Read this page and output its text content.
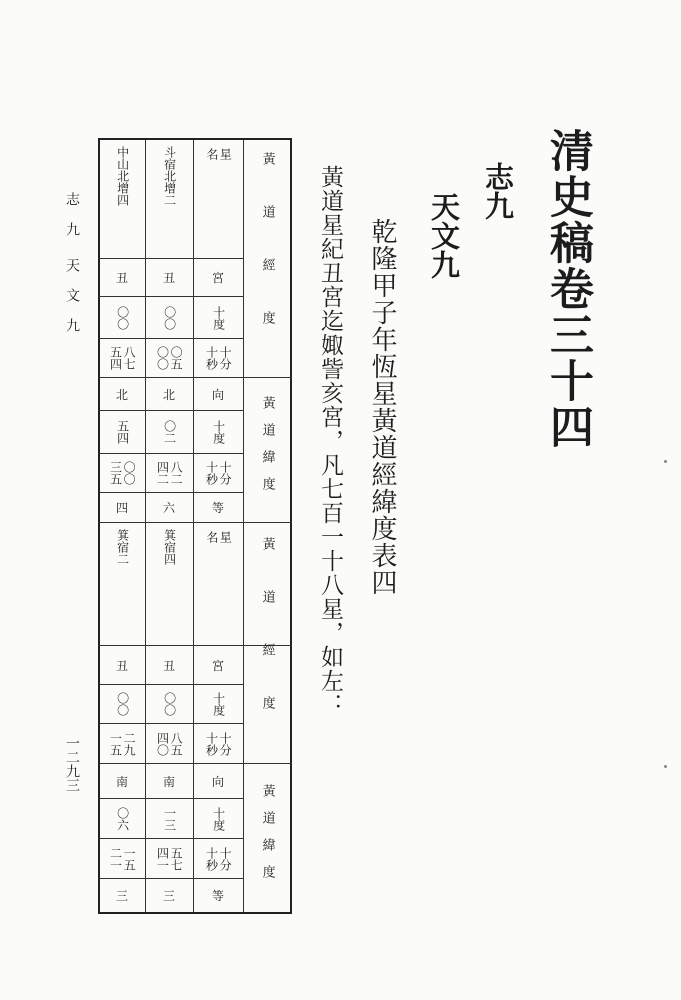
清史稿卷三十四
志九
天文九
乾隆甲子年恆星黃道經緯度表四
黃道星紀丑宮迄娵訾亥宮，凡七百一十八星，如左：
志 九
天 文 九
一二九三
黃道經度
黃道緯度
黃道經度
黃道緯度
星名
宮
十度
十分
十秒
向
十度
十分
十秒
等
星名
宮
十度
十分
十秒
向
十度
十分
十秒
等
斗宿北增二
丑
〇〇
〇五
〇〇
北
〇二
八二
四二
六
箕宿四
丑
〇〇
八五
四〇
南
一三
五七
四一
三
中山北增四
丑
〇〇
八七
五四
北
五四
〇〇
三五
四
箕宿二
丑
〇〇
二九
一五
南
〇六
一五
二一
三
